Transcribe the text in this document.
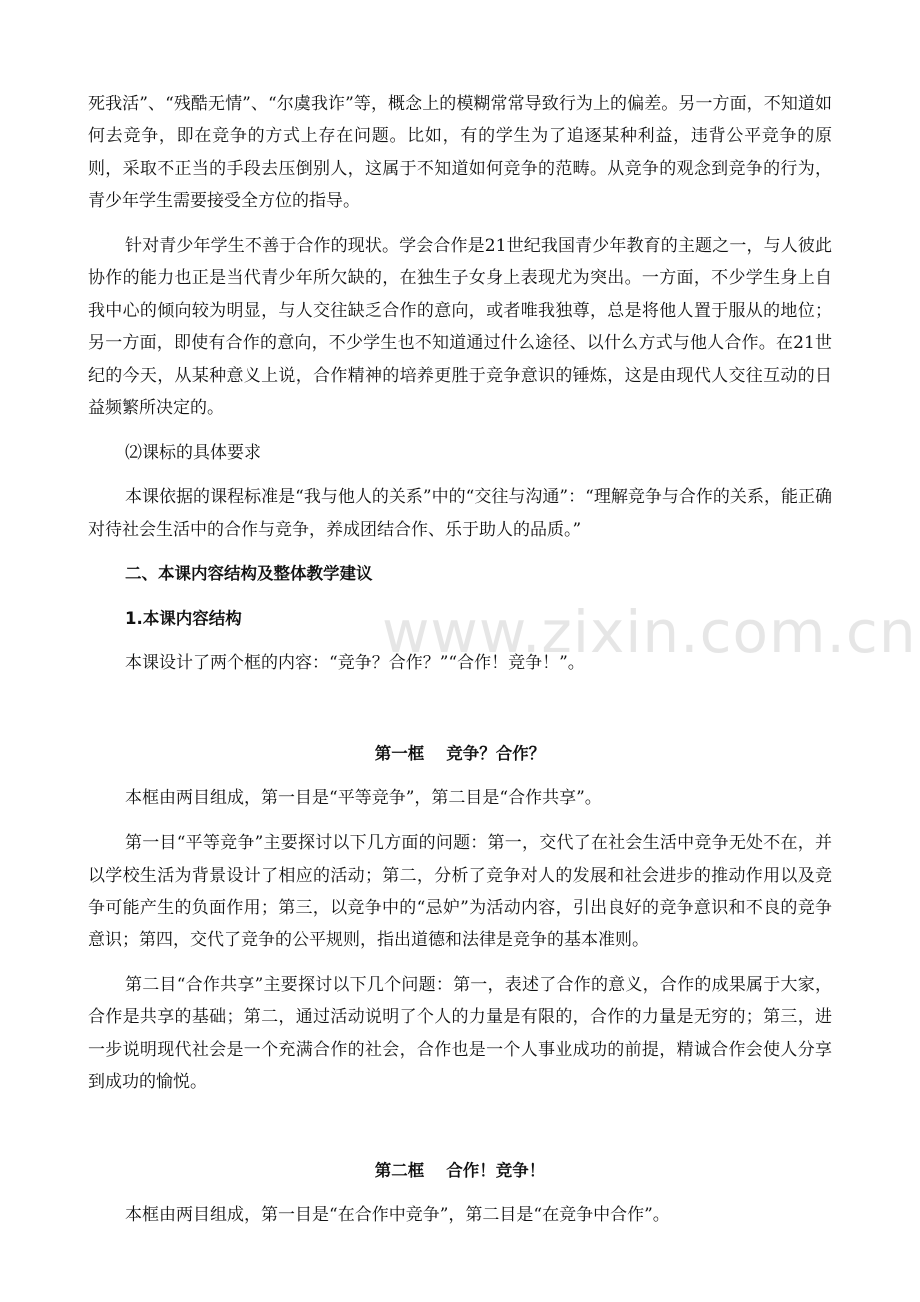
死我活”、“残酷无情”、“尔虞我诈”等，概念上的模糊常常导致行为上的偏差。另一方面，不知道如何去竞争，即在竞争的方式上存在问题。比如，有的学生为了追逐某种利益，违背公平竞争的原则，采取不正当的手段去压倒别人，这属于不知道如何竞争的范畴。从竞争的观念到竞争的行为，青少年学生需要接受全方位的指导。

针对青少年学生不善于合作的现状。学会合作是21世纪我国青少年教育的主题之一，与人彼此协作的能力也正是当代青少年所欠缺的，在独生子女身上表现尤为突出。一方面，不少学生身上自我中心的倾向较为明显，与人交往缺乏合作的意向，或者唯我独尊，总是将他人置于服从的地位；另一方面，即使有合作的意向，不少学生也不知道通过什么途径、以什么方式与他人合作。在21世纪的今天，从某种意义上说，合作精神的培养更胜于竞争意识的锤炼，这是由现代人交往互动的日益频繁所决定的。

⑵课标的具体要求

本课依据的课程标准是“我与他人的关系”中的“交往与沟通”：“理解竞争与合作的关系，能正确对待社会生活中的合作与竞争，养成团结合作、乐于助人的品质。”

二、本课内容结构及整体教学建议

1.本课内容结构

本课设计了两个框的内容：“竞争？合作？”“合作！竞争！”。

第一框 竞争？合作？

本框由两目组成，第一目是“平等竞争”，第二目是“合作共享”。

第一目“平等竞争”主要探讨以下几方面的问题：第一，交代了在社会生活中竞争无处不在，并以学校生活为背景设计了相应的活动；第二，分析了竞争对人的发展和社会进步的推动作用以及竞争可能产生的负面作用；第三，以竞争中的“忌妒”为活动内容，引出良好的竞争意识和不良的竞争意识；第四，交代了竞争的公平规则，指出道德和法律是竞争的基本准则。

第二目“合作共享”主要探讨以下几个问题：第一，表述了合作的意义，合作的成果属于大家，合作是共享的基础；第二，通过活动说明了个人的力量是有限的，合作的力量是无穷的；第三，进一步说明现代社会是一个充满合作的社会，合作也是一个人事业成功的前提，精诚合作会使人分享到成功的愉悦。

第二框 合作！竞争！

本框由两目组成，第一目是“在合作中竞争”，第二目是“在竞争中合作”。

www.zixin.com.cn
